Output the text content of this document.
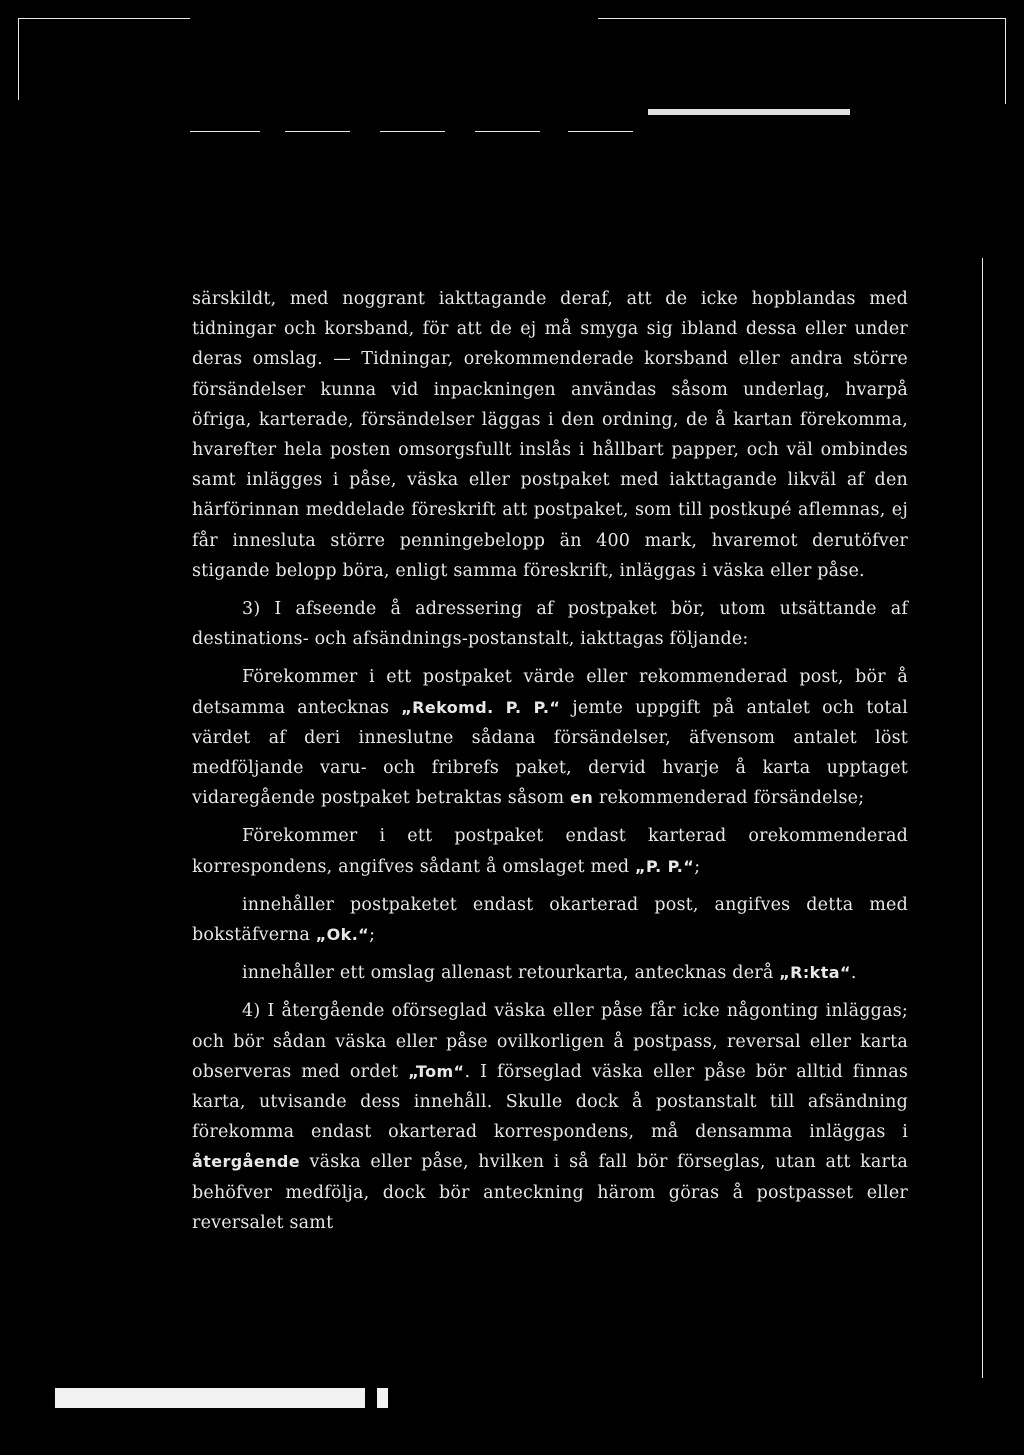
särskildt, med noggrant iakttagande deraf, att de icke hopblandas med tidningar och korsband, för att de ej må smyga sig ibland dessa eller under deras omslag. — Tidningar, orekommenderade korsband eller andra större försändelser kunna vid inpackningen användas såsom underlag, hvarpå öfriga, karterade, försändelser läggas i den ordning, de å kartan förekomma, hvarefter hela posten omsorgsfullt inslås i hållbart papper, och väl ombindes samt inlägges i påse, väska eller postpaket med iakttagande likväl af den härförinnan meddelade föreskrift att postpaket, som till postkupé aflemnas, ej får innesluta större penningebelopp än 400 mark, hvaremot derutöfver stigande belopp böra, enligt samma föreskrift, inläggas i väska eller påse.

3) I afseende å adressering af postpaket bör, utom utsättande af destinations- och afsändnings-postanstalt, iakttagas följande:

Förekommer i ett postpaket värde eller rekommenderad post, bör å detsamma antecknas „Rekomd. P. P.“ jemte uppgift på antalet och total värdet af deri inneslutne sådana försändelser, äfvensom antalet löst medföljande varu- och fribrefs paket, dervid hvarje å karta upptaget vidaregående postpaket betraktas såsom en rekommenderad försändelse;

Förekommer i ett postpaket endast karterad orekommenderad korrespondens, angifves sådant å omslaget med „P. P.“;

innehåller postpaketet endast okarterad post, angifves detta med bokstäfverna „Ok.“;

innehåller ett omslag allenast retourkarta, antecknas derå „R:kta“.

4) I återgående oförseglad väska eller påse får icke någonting inläggas; och bör sådan väska eller påse ovilkorligen å postpass, reversal eller karta observeras med ordet „Tom“. I förseglad väska eller påse bör alltid finnas karta, utvisande dess innehåll. Skulle dock å postanstalt till afsändning förekomma endast okarterad korrespondens, må densamma inläggas i återgående väska eller påse, hvilken i så fall bör förseglas, utan att karta behöfver medfölja, dock bör anteckning härom göras å postpasset eller reversalet samt
